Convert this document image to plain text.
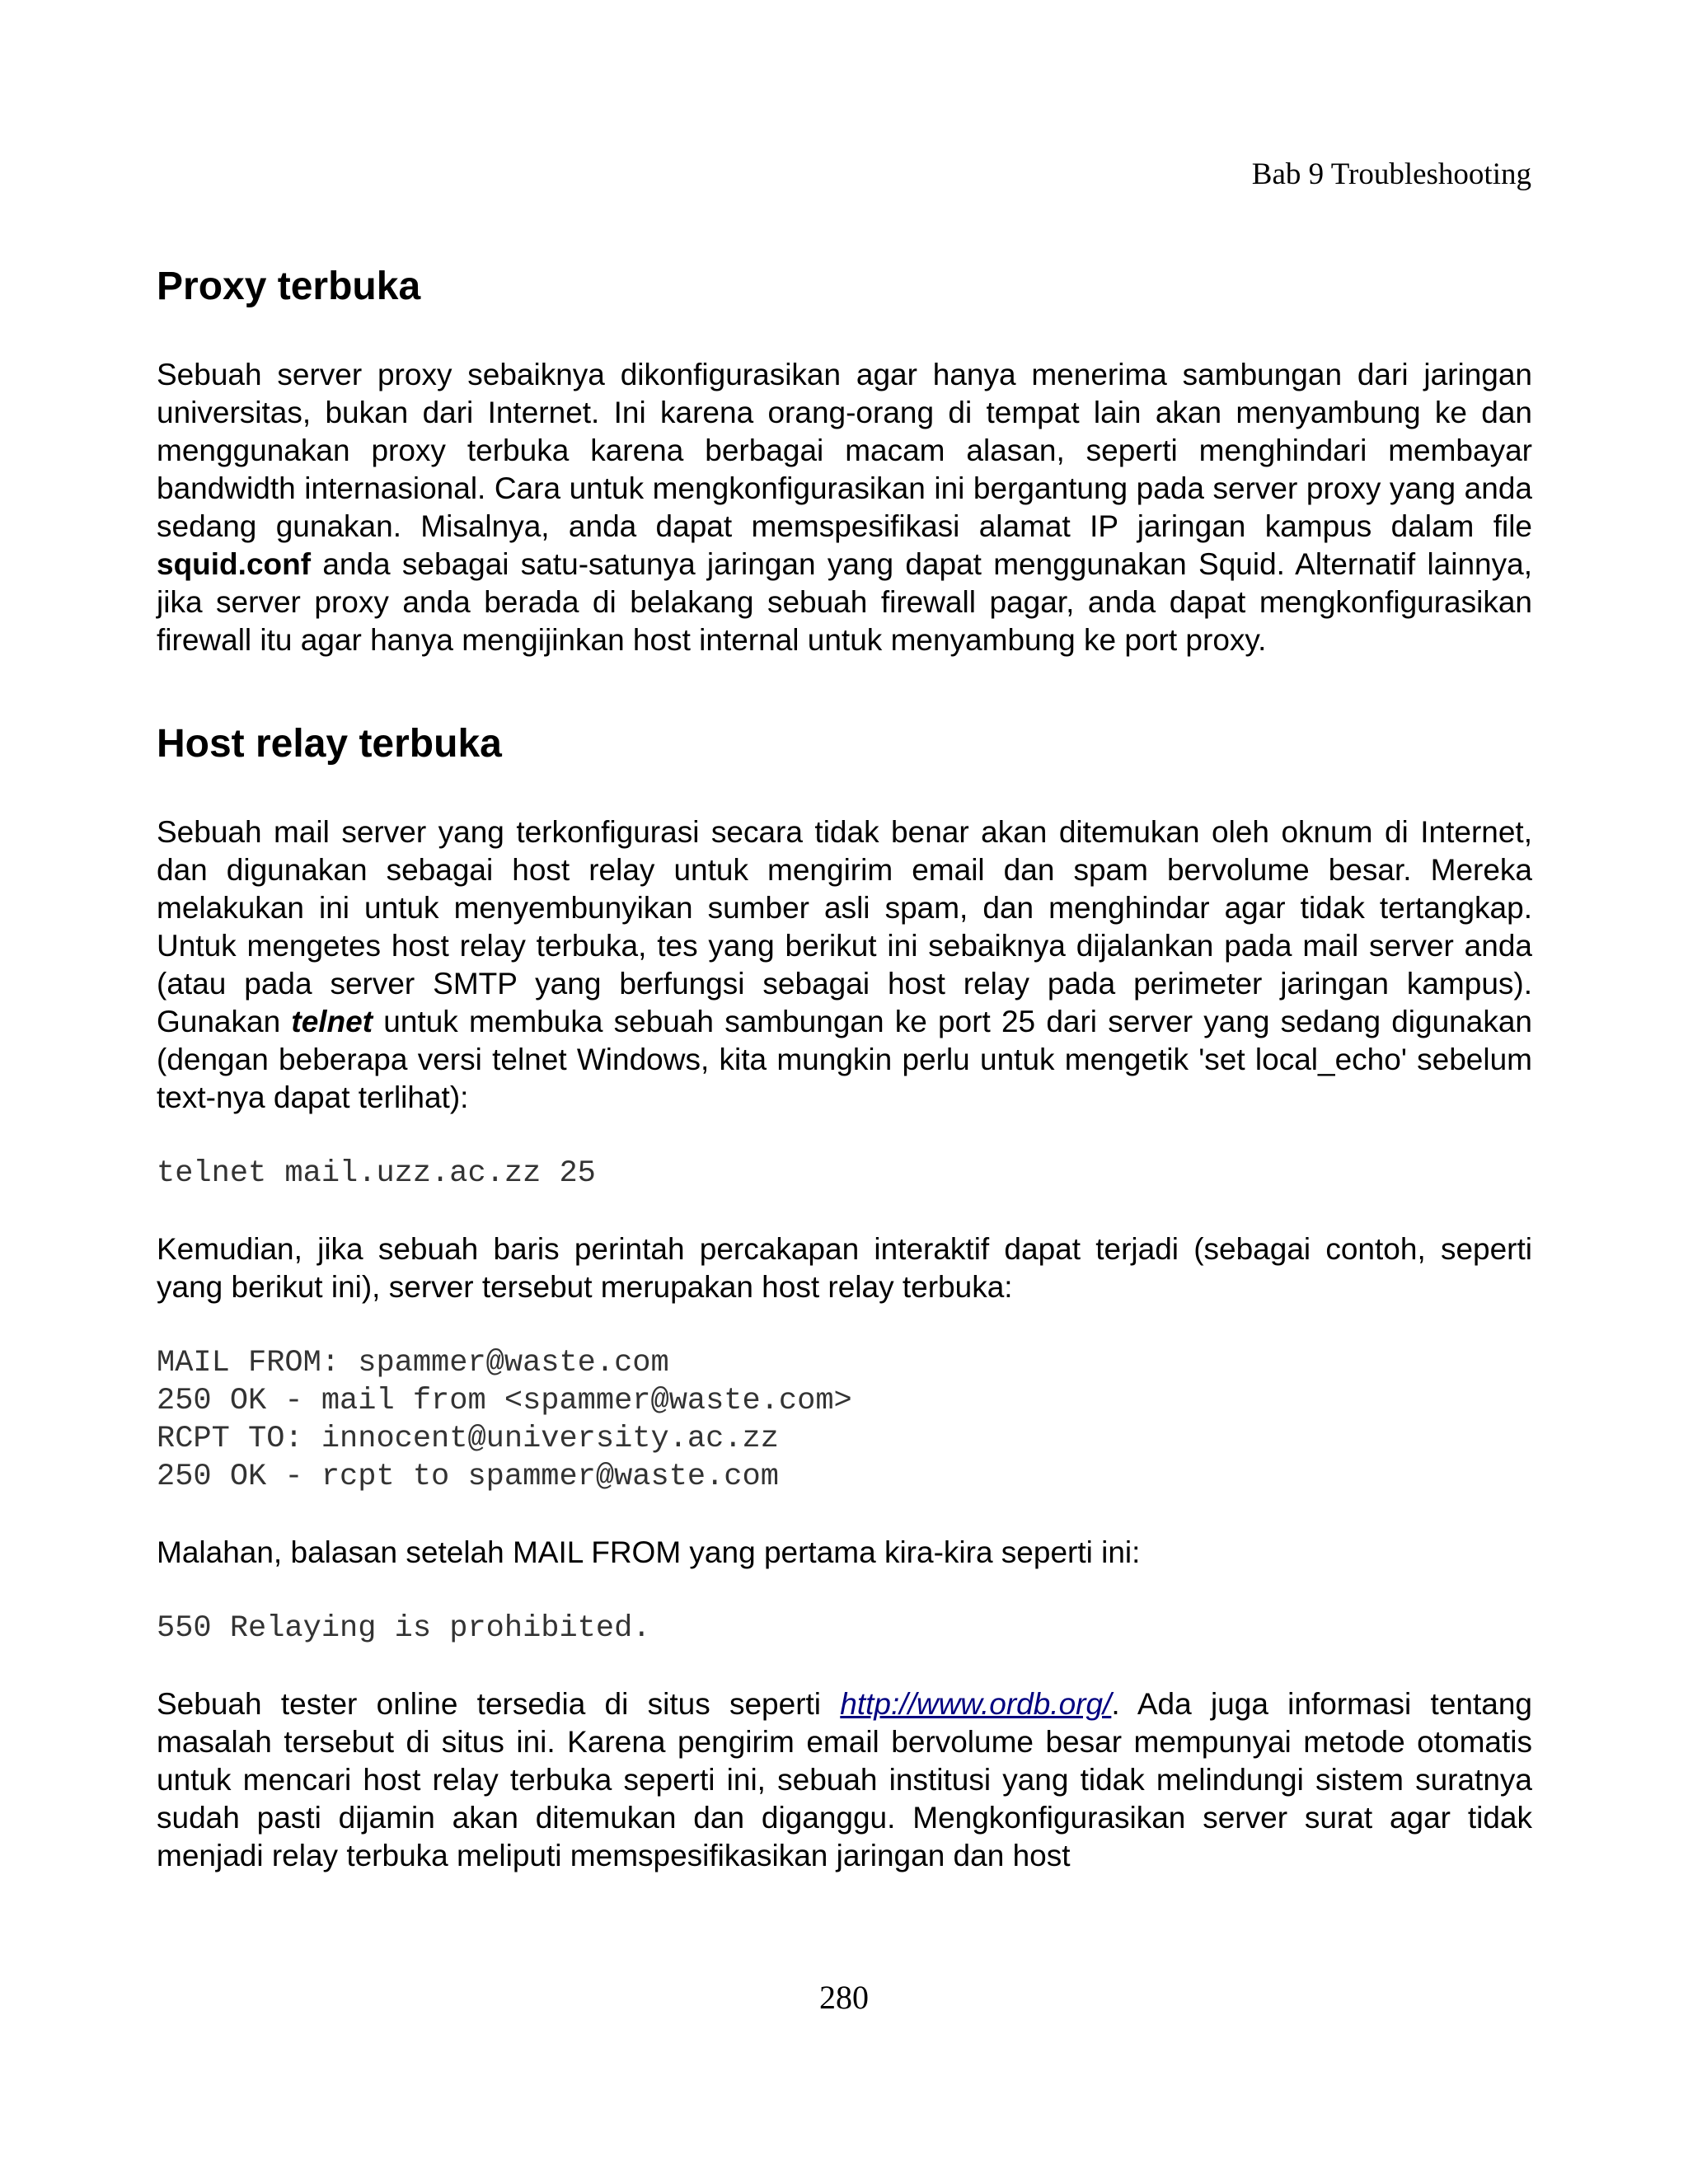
Bab 9 Troubleshooting
Proxy terbuka

Sebuah server proxy sebaiknya dikonfigurasikan agar hanya menerima sambungan dari jaringan universitas, bukan dari Internet. Ini karena orang-orang di tempat lain akan menyambung ke dan menggunakan proxy terbuka karena berbagai macam alasan, seperti menghindari membayar bandwidth internasional. Cara untuk mengkonfigurasikan ini bergantung pada server proxy yang anda sedang gunakan. Misalnya, anda dapat memspesifikasi alamat IP jaringan kampus dalam file squid.conf anda sebagai satu-satunya jaringan yang dapat menggunakan Squid. Alternatif lainnya, jika server proxy anda berada di belakang sebuah firewall pagar, anda dapat mengkonfigurasikan firewall itu agar hanya mengijinkan host internal untuk menyambung ke port proxy.

Host relay terbuka

Sebuah mail server yang terkonfigurasi secara tidak benar akan ditemukan oleh oknum di Internet, dan digunakan sebagai host relay untuk mengirim email dan spam bervolume besar. Mereka melakukan ini untuk menyembunyikan sumber asli spam, dan menghindar agar tidak tertangkap. Untuk mengetes host relay terbuka, tes yang berikut ini sebaiknya dijalankan pada mail server anda (atau pada server SMTP yang berfungsi sebagai host relay pada perimeter jaringan kampus). Gunakan telnet untuk membuka sebuah sambungan ke port 25 dari server yang sedang digunakan (dengan beberapa versi telnet Windows, kita mungkin perlu untuk mengetik 'set local_echo' sebelum text-nya dapat terlihat):

telnet mail.uzz.ac.zz 25

Kemudian, jika sebuah baris perintah percakapan interaktif dapat terjadi (sebagai contoh, seperti yang berikut ini), server tersebut merupakan host relay terbuka:

MAIL FROM: spammer@waste.com
250 OK - mail from <spammer@waste.com>
RCPT TO: innocent@university.ac.zz
250 OK - rcpt to spammer@waste.com

Malahan, balasan setelah MAIL FROM yang pertama kira-kira seperti ini:

550 Relaying is prohibited.

Sebuah tester online tersedia di situs seperti http://www.ordb.org/. Ada juga informasi tentang masalah tersebut di situs ini. Karena pengirim email bervolume besar mempunyai metode otomatis untuk mencari host relay terbuka seperti ini, sebuah institusi yang tidak melindungi sistem suratnya sudah pasti dijamin akan ditemukan dan diganggu. Mengkonfigurasikan server surat agar tidak menjadi relay terbuka meliputi memspesifikasikan jaringan dan host

280
